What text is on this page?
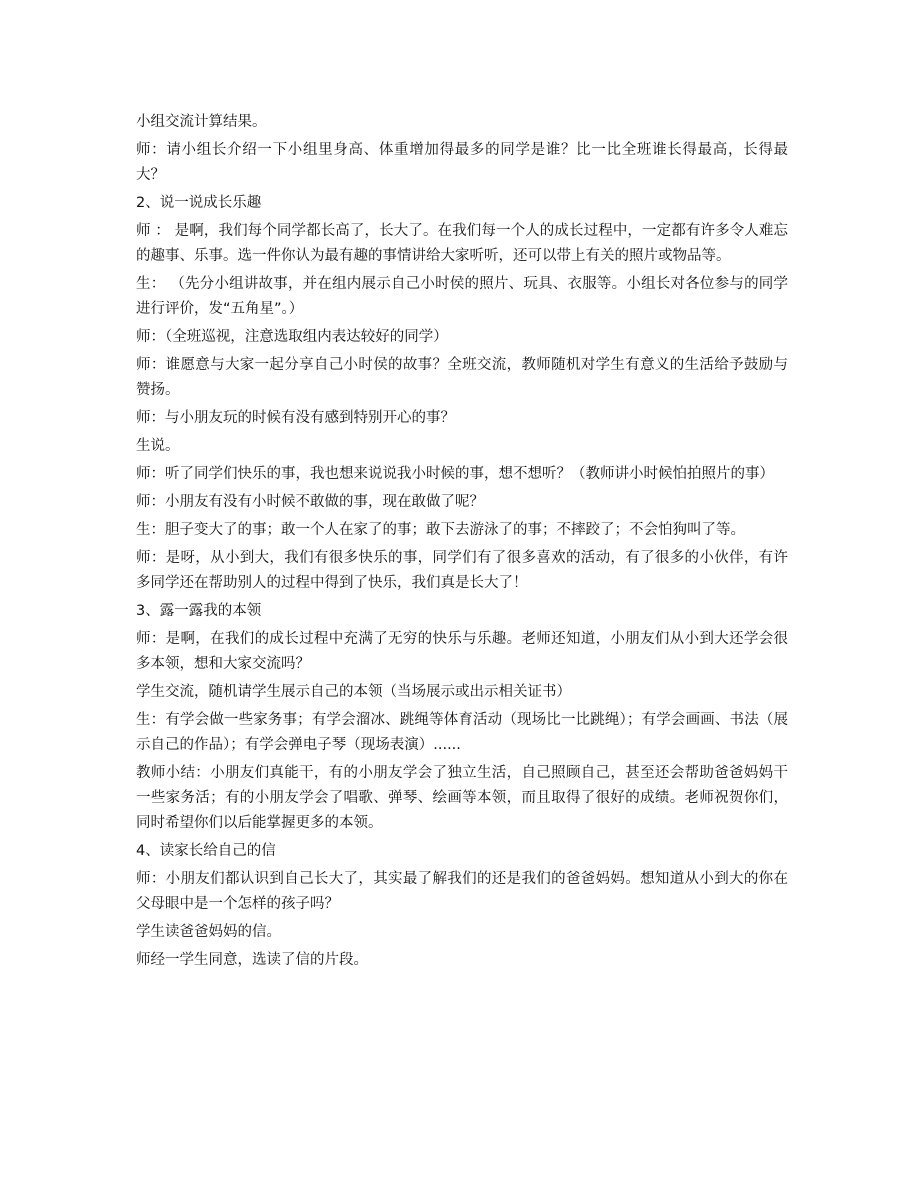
小组交流计算结果。

师：请小组长介绍一下小组里身高、体重增加得最多的同学是谁？比一比全班谁长得最高，长得最大？

2、说一说成长乐趣

师 ： 是啊，我们每个同学都长高了，长大了。在我们每一个人的成长过程中，一定都有许多令人难忘的趣事、乐事。选一件你认为最有趣的事情讲给大家听听，还可以带上有关的照片或物品等。

生： （先分小组讲故事，并在组内展示自己小时侯的照片、玩具、衣服等。小组长对各位参与的同学进行评价，发“五角星”。）

师：（全班巡视，注意选取组内表达较好的同学）

师：谁愿意与大家一起分享自己小时侯的故事？全班交流，教师随机对学生有意义的生活给予鼓励与赞扬。

师：与小朋友玩的时候有没有感到特别开心的事？

生说。

师：听了同学们快乐的事，我也想来说说我小时候的事，想不想听？（教师讲小时候怕拍照片的事）

师：小朋友有没有小时候不敢做的事，现在敢做了呢？

生：胆子变大了的事；敢一个人在家了的事；敢下去游泳了的事；不摔跤了；不会怕狗叫了等。

师：是呀，从小到大，我们有很多快乐的事，同学们有了很多喜欢的活动，有了很多的小伙伴，有许多同学还在帮助别人的过程中得到了快乐，我们真是长大了！

3、露一露我的本领

师：是啊，在我们的成长过程中充满了无穷的快乐与乐趣。老师还知道，小朋友们从小到大还学会很多本领，想和大家交流吗？

学生交流，随机请学生展示自己的本领（当场展示或出示相关证书）

生：有学会做一些家务事；有学会溜冰、跳绳等体育活动（现场比一比跳绳）；有学会画画、书法（展示自己的作品）；有学会弹电子琴（现场表演）......

教师小结：小朋友们真能干，有的小朋友学会了独立生活，自己照顾自己，甚至还会帮助爸爸妈妈干一些家务活；有的小朋友学会了唱歌、弹琴、绘画等本领，而且取得了很好的成绩。老师祝贺你们，同时希望你们以后能掌握更多的本领。

4、读家长给自己的信

师：小朋友们都认识到自己长大了，其实最了解我们的还是我们的爸爸妈妈。想知道从小到大的你在父母眼中是一个怎样的孩子吗？

学生读爸爸妈妈的信。

师经一学生同意，选读了信的片段。
